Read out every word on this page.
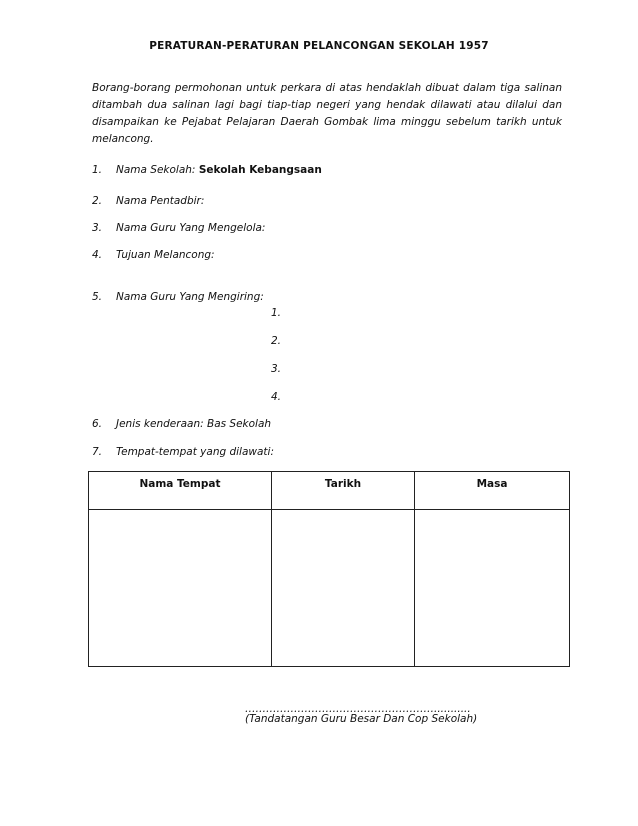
PERATURAN-PERATURAN PELANCONGAN SEKOLAH 1957
Borang-borang permohonan untuk perkara di atas hendaklah dibuat dalam tiga salinan ditambah dua salinan lagi bagi tiap-tiap negeri yang hendak dilawati atau dilalui dan disampaikan ke Pejabat Pelajaran Daerah Gombak lima minggu sebelum tarikh untuk melancong.
1. Nama Sekolah: Sekolah Kebangsaan
2. Nama Pentadbir:
3. Nama Guru Yang Mengelola:
4. Tujuan Melancong:
5. Nama Guru Yang Mengiring:
1.
2.
3.
4.
6. Jenis kenderaan: Bas Sekolah
7. Tempat-tempat yang dilawati:
Nama Tempat	Tarikh	Masa

………………………………………………...........
(Tandatangan Guru Besar Dan Cop Sekolah)
